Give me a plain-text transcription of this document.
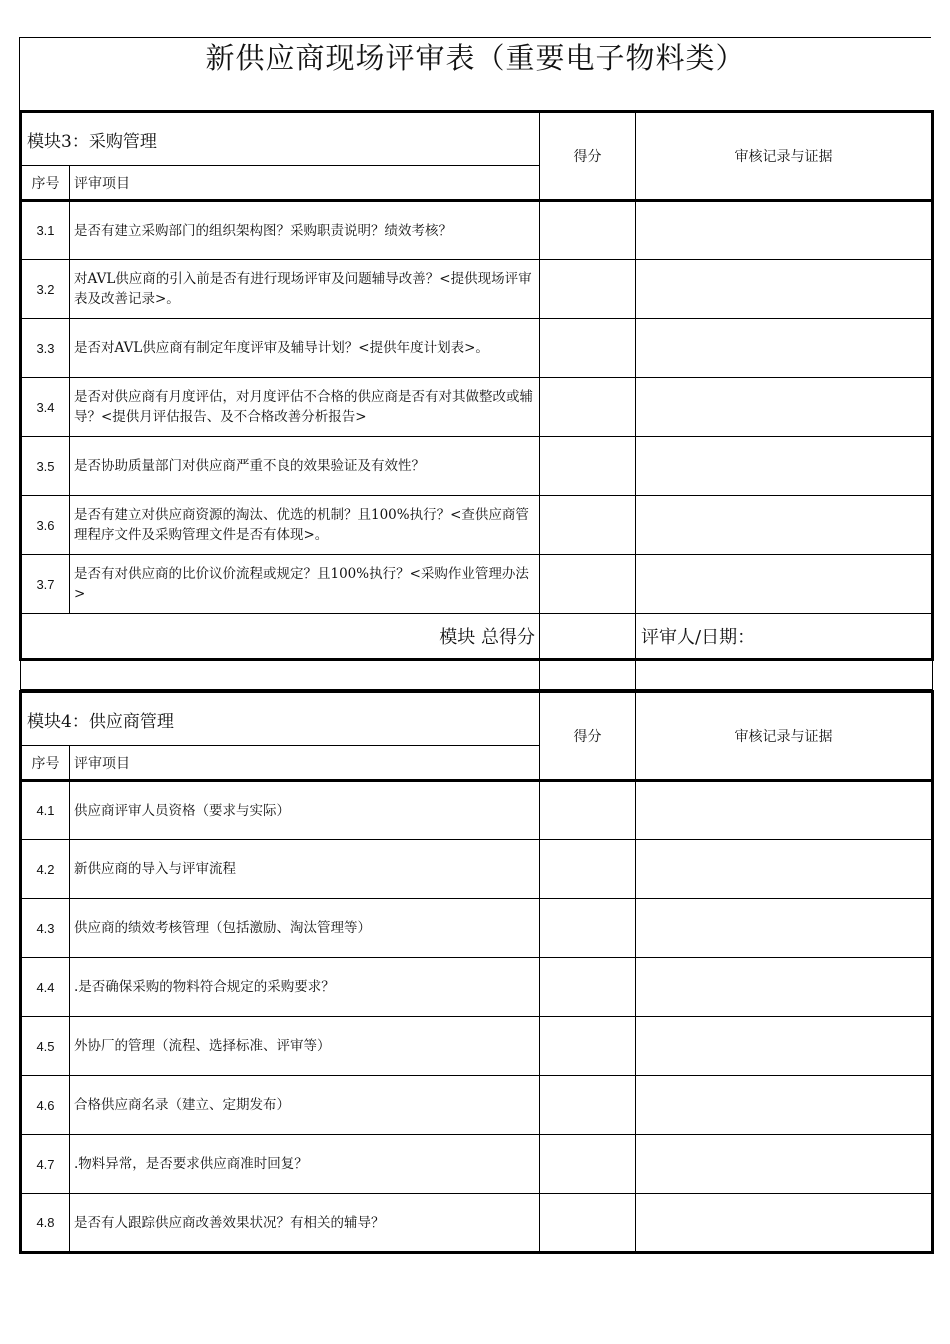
新供应商现场评审表（重要电子物料类）
模块3：采购管理		得分	审核记录与证据
序号	评审项目		
3.1	是否有建立采购部门的组织架构图？采购职责说明？绩效考核？		
3.2	对AVL供应商的引入前是否有进行现场评审及问题辅导改善？<提供现场评审表及改善记录>。		
3.3	是否对AVL供应商有制定年度评审及辅导计划？<提供年度计划表>。		
3.4	是否对供应商有月度评估，对月度评估不合格的供应商是否有对其做整改或辅导？<提供月评估报告、及不合格改善分析报告>		
3.5	是否协助质量部门对供应商严重不良的效果验证及有效性？		
3.6	是否有建立对供应商资源的淘汰、优选的机制？且100%执行？<查供应商管理程序文件及采购管理文件是否有体现>。		
3.7	是否有对供应商的比价议价流程或规定？且100%执行？<采购作业管理办法>		
模块 总得分			评审人/日期：

模块4：供应商管理		得分	审核记录与证据
序号	评审项目		
4.1	供应商评审人员资格（要求与实际）		
4.2	新供应商的导入与评审流程		
4.3	供应商的绩效考核管理（包括激励、淘汰管理等）		
4.4	.是否确保采购的物料符合规定的采购要求？		
4.5	外协厂的管理（流程、选择标准、评审等）		
4.6	合格供应商名录（建立、定期发布）		
4.7	.物料异常，是否要求供应商准时回复？		
4.8	是否有人跟踪供应商改善效果状况？有相关的辅导？		
